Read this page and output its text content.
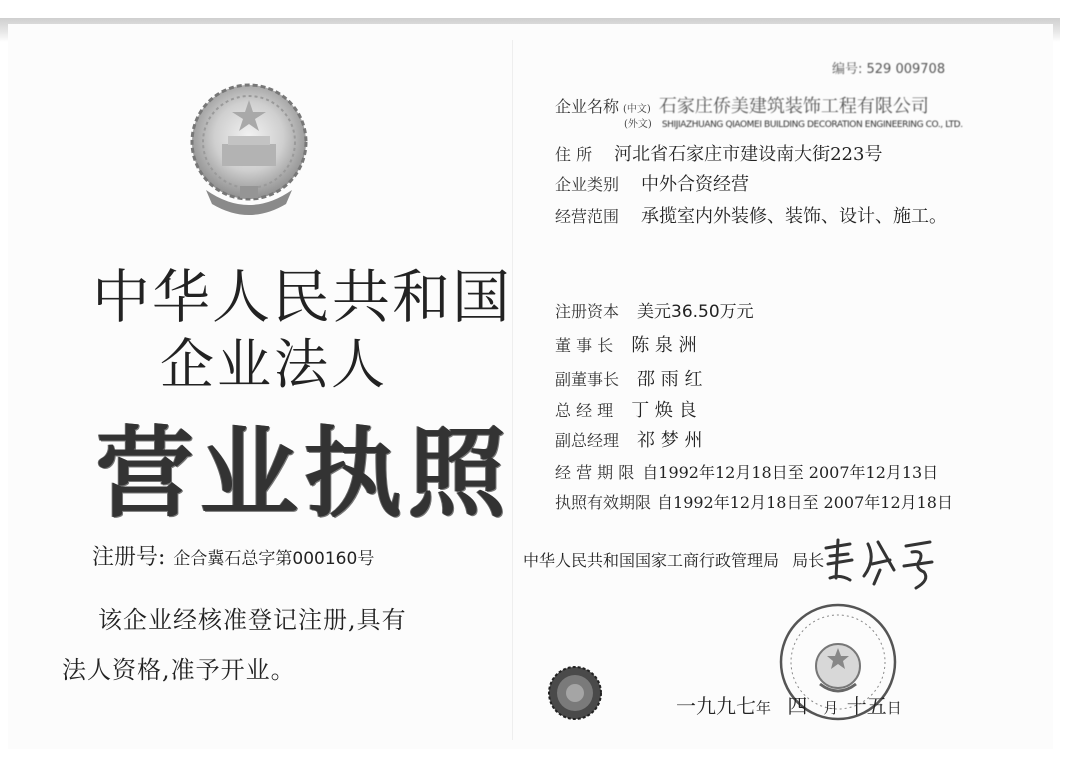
中华人民共和国
企业法人
营业执照
注册号: 企合冀石总字第000160号
该企业经核准登记注册,具有
法人资格,准予开业。
编号: 529 009708
企业名称 (中文) 石家庄侨美建筑装饰工程有限公司
(外文) SHIJIAZHUANG QIAOMEI BUILDING DECORATION ENGINEERING CO., LTD.
住 所 河北省石家庄市建设南大街223号
企业类别 中外合资经营
经营范围 承揽室内外装修、装饰、设计、施工。
注册资本 美元36.50万元
董 事 长 陈 泉 洲
副董事长 邵 雨 红
总 经 理 丁 焕 良
副总经理 祁 梦 州
经 营 期 限 自1992年12月18日至 2007年12月13日
执照有效期限 自1992年12月18日至 2007年12月18日
中华人民共和国国家工商行政管理局 局长
一九九七年 四 月 十五日
